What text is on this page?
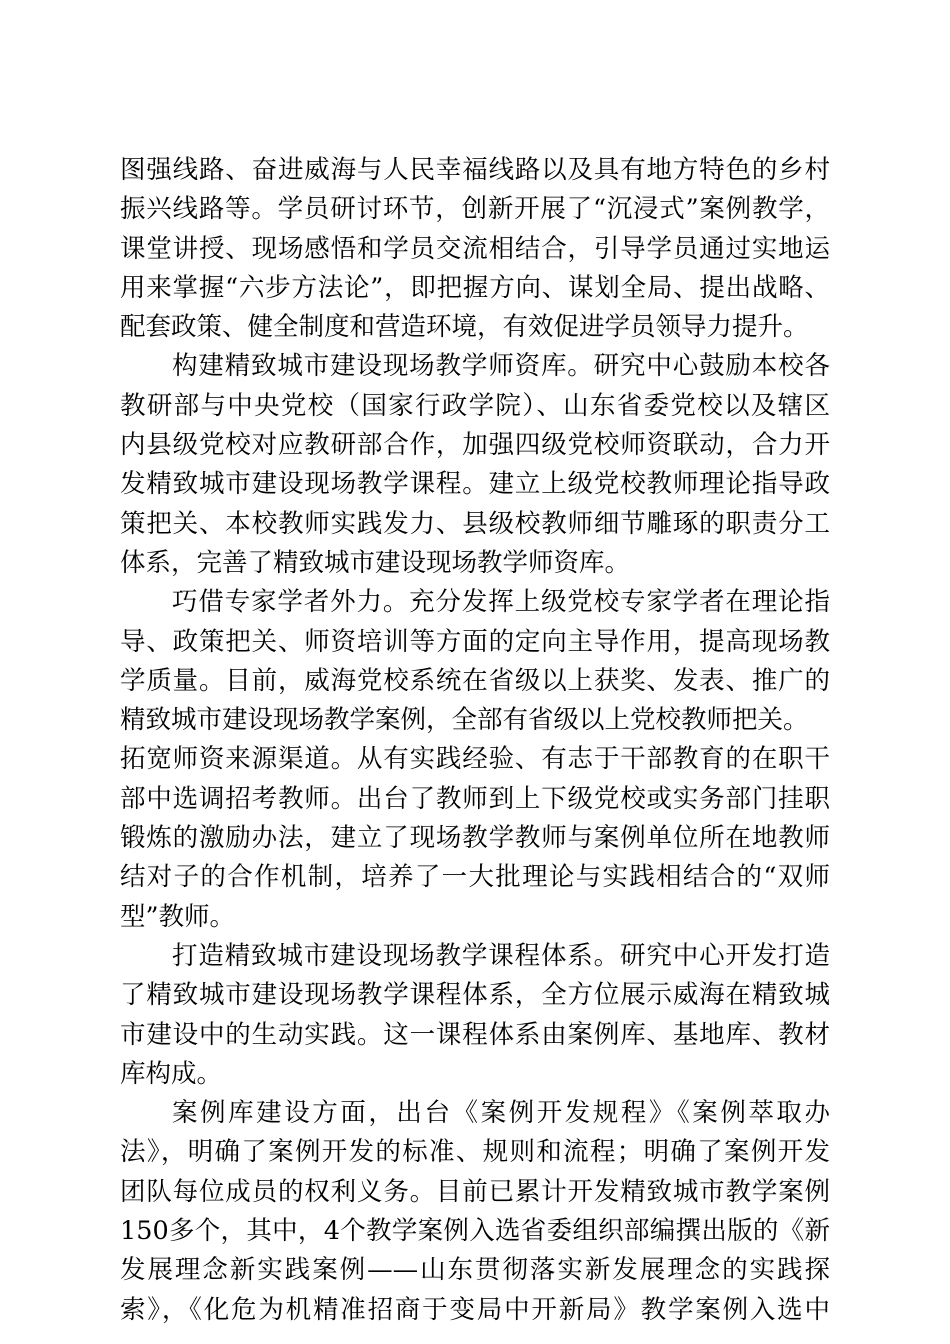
图强线路、奋进威海与人民幸福线路以及具有地方特色的乡村
振兴线路等。学员研讨环节，创新开展了“沉浸式”案例教学，
课堂讲授、现场感悟和学员交流相结合，引导学员通过实地运
用来掌握“六步方法论”，即把握方向、谋划全局、提出战略、
配套政策、健全制度和营造环境，有效促进学员领导力提升。
构建精致城市建设现场教学师资库。研究中心鼓励本校各
教研部与中央党校（国家行政学院）、山东省委党校以及辖区
内县级党校对应教研部合作，加强四级党校师资联动，合力开
发精致城市建设现场教学课程。建立上级党校教师理论指导政
策把关、本校教师实践发力、县级校教师细节雕琢的职责分工
体系，完善了精致城市建设现场教学师资库。
巧借专家学者外力。充分发挥上级党校专家学者在理论指
导、政策把关、师资培训等方面的定向主导作用，提高现场教
学质量。目前，威海党校系统在省级以上获奖、发表、推广的
精致城市建设现场教学案例，全部有省级以上党校教师把关。
拓宽师资来源渠道。从有实践经验、有志于干部教育的在职干
部中选调招考教师。出台了教师到上下级党校或实务部门挂职
锻炼的激励办法，建立了现场教学教师与案例单位所在地教师
结对子的合作机制，培养了一大批理论与实践相结合的“双师
型”教师。
打造精致城市建设现场教学课程体系。研究中心开发打造
了精致城市建设现场教学课程体系，全方位展示威海在精致城
市建设中的生动实践。这一课程体系由案例库、基地库、教材
库构成。
案例库建设方面，出台《案例开发规程》《案例萃取办
法》，明确了案例开发的标准、规则和流程；明确了案例开发
团队每位成员的权利义务。目前已累计开发精致城市教学案例
150多个，其中，4个教学案例入选省委组织部编撰出版的《新
发展理念新实践案例——山东贯彻落实新发展理念的实践探
索》，《化危为机精准招商于变局中开新局》教学案例入选中
